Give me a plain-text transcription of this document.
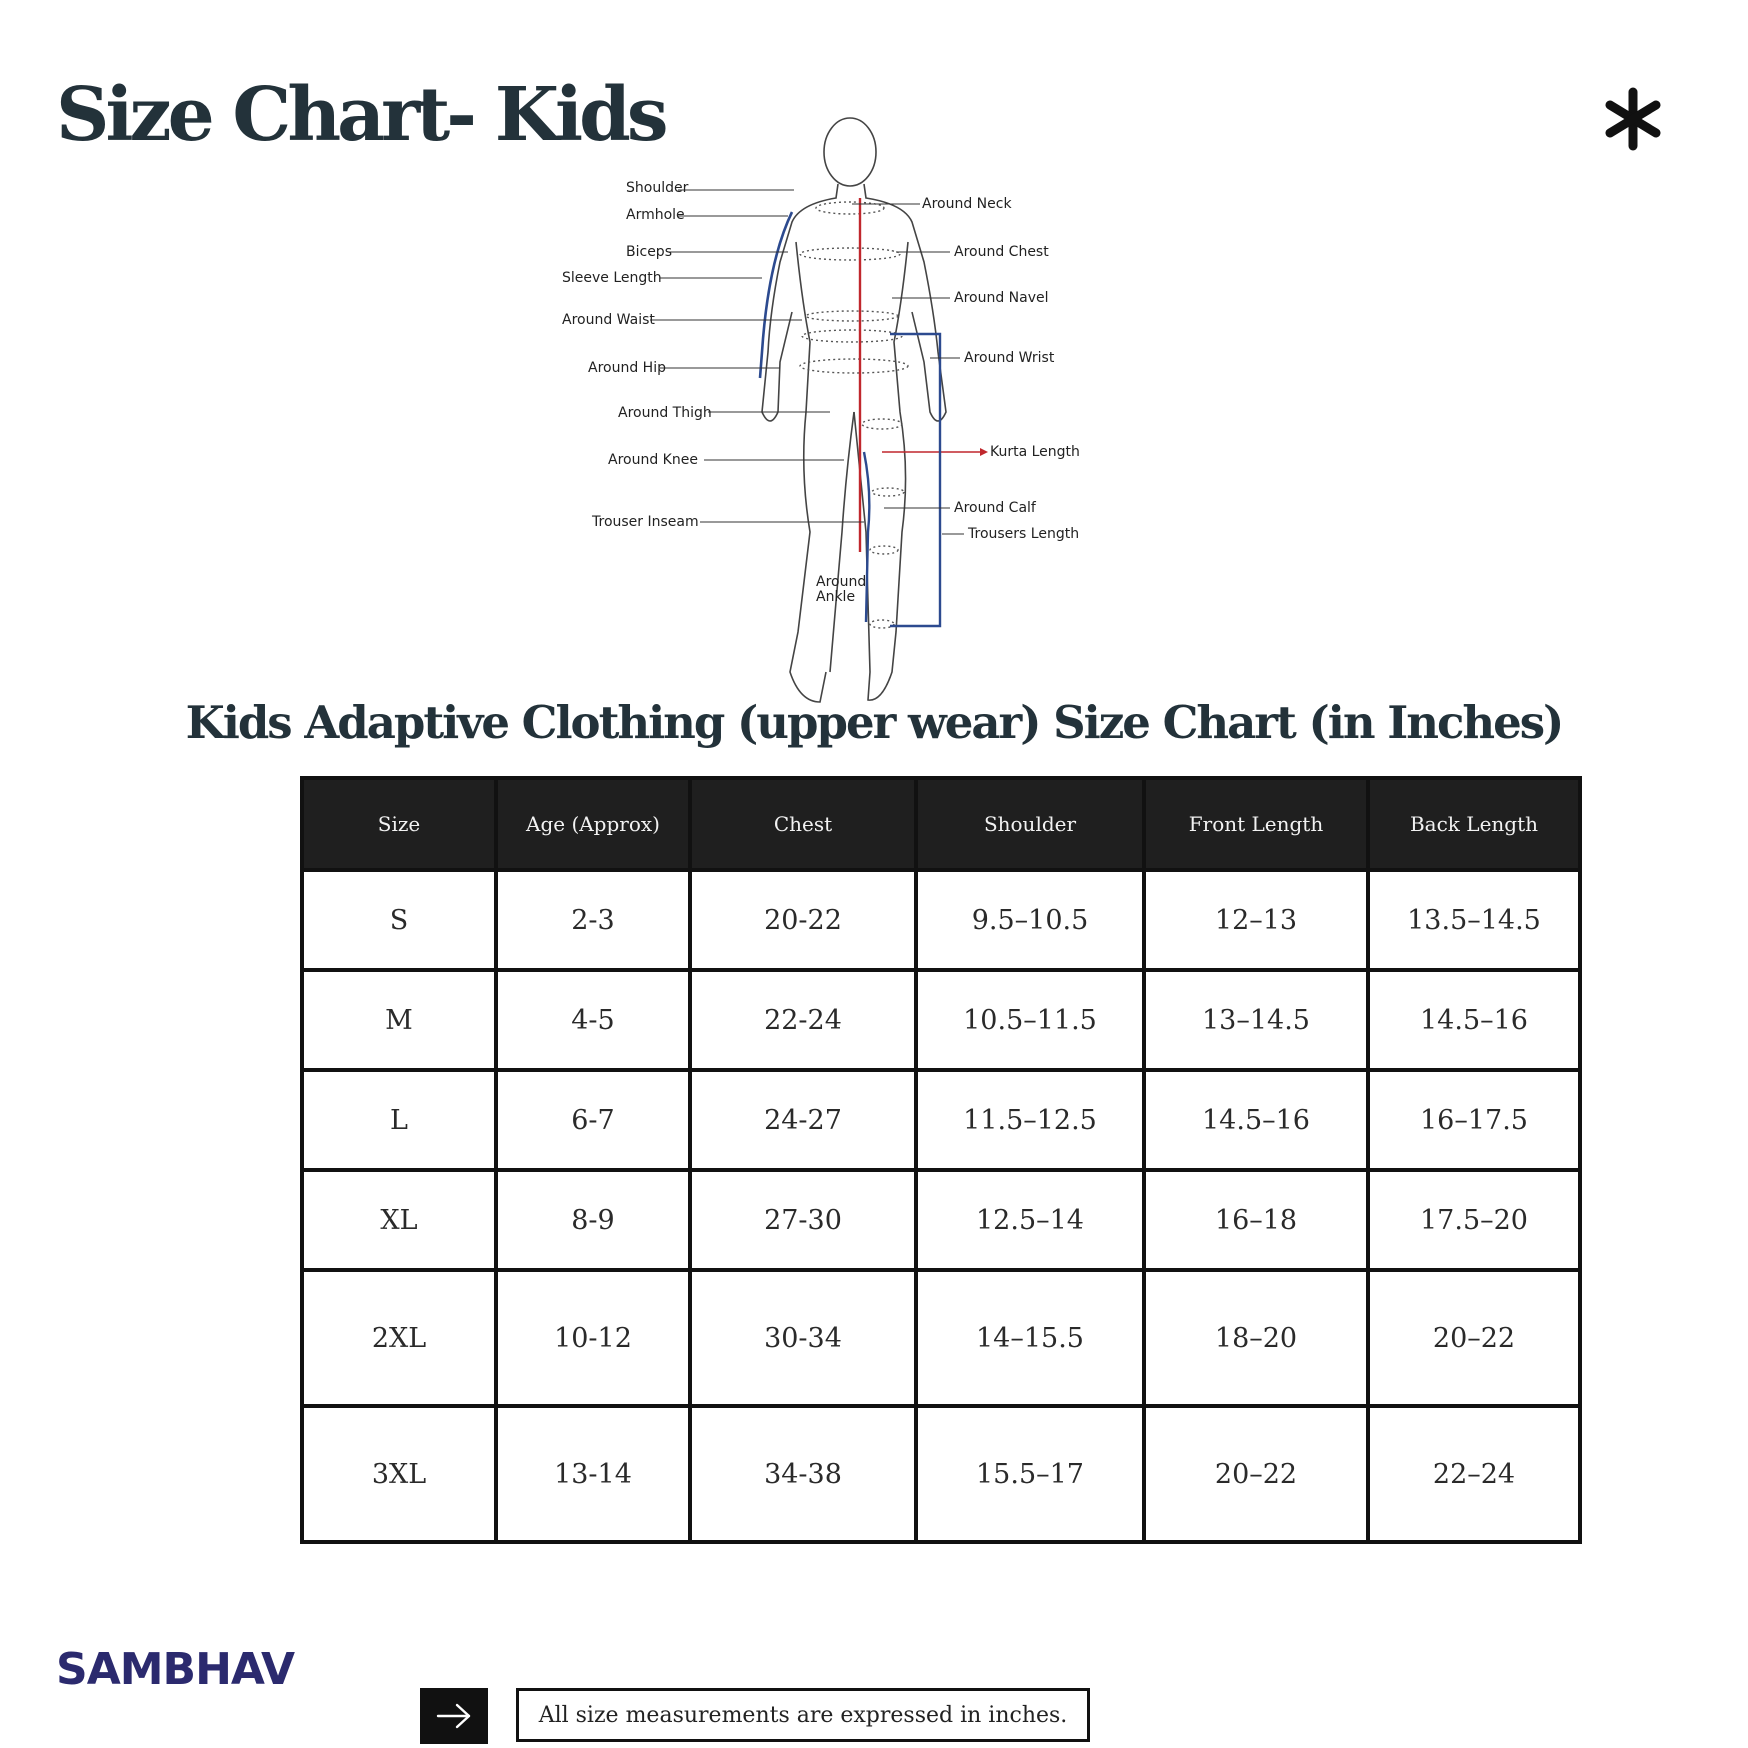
Size Chart- Kids
Shoulder
Armhole
Biceps
Sleeve Length
Around Waist
Around Hip
Around Thigh
Around Knee
Trouser Inseam
Around Neck
Around Chest
Around Navel
Around Wrist
Kurta Length
Around Calf
Trousers Length
Around
Ankle
Kids Adaptive Clothing (upper wear) Size Chart (in Inches)
Size	Age (Approx)	Chest	Shoulder	Front Length	Back Length
S	2-3	20-22	9.5–10.5	12–13	13.5–14.5
M	4-5	22-24	10.5–11.5	13–14.5	14.5–16
L	6-7	24-27	11.5–12.5	14.5–16	16–17.5
XL	8-9	27-30	12.5–14	16–18	17.5–20
2XL	10-12	30-34	14–15.5	18–20	20–22
3XL	13-14	34-38	15.5–17	20–22	22–24
SAMBHAV
All size measurements are expressed in inches.
